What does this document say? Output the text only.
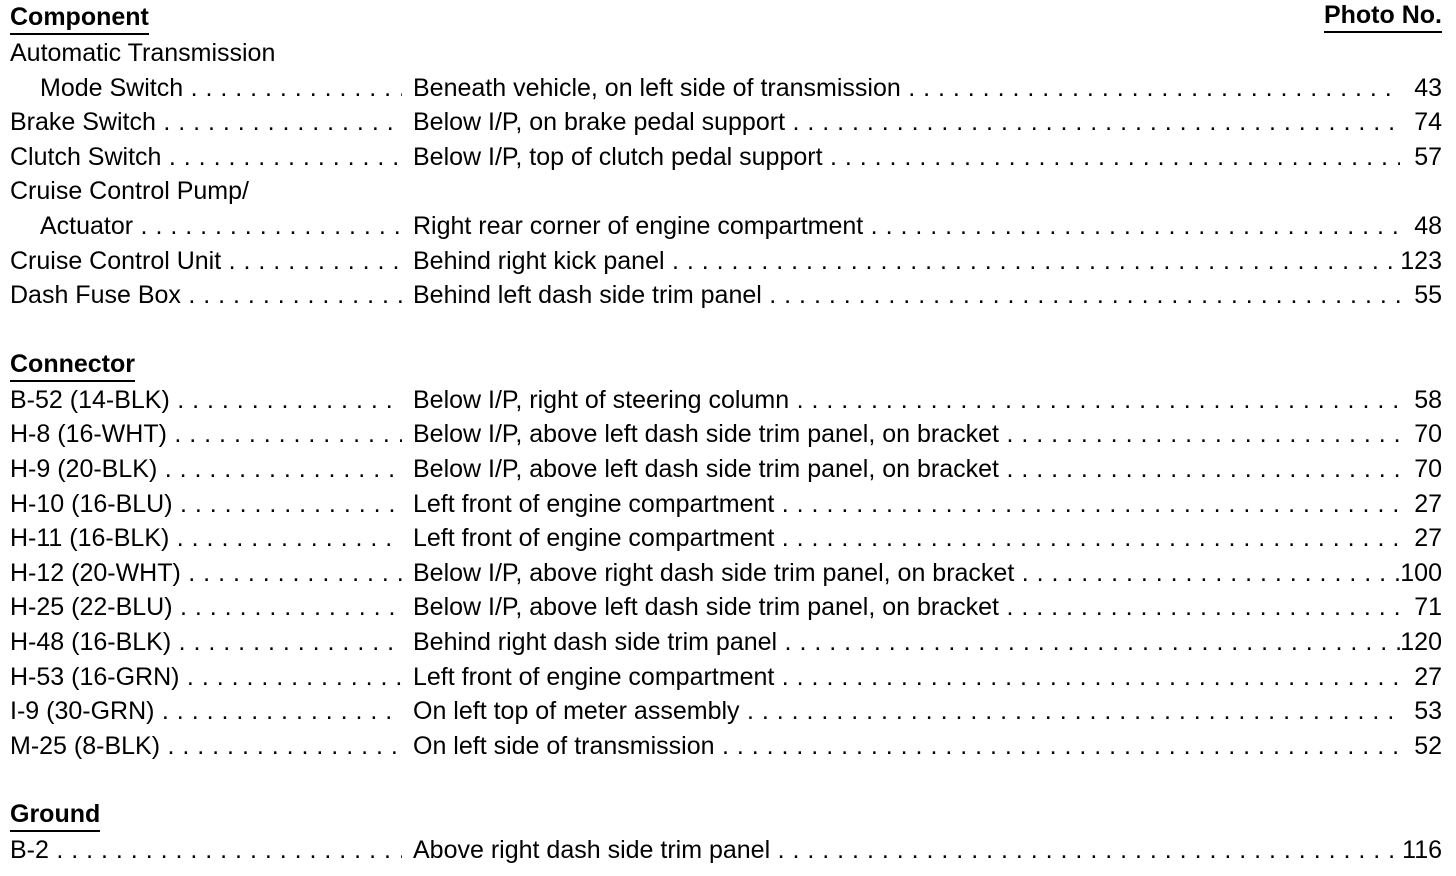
Component	Photo No.
Automatic Transmission
Mode Switch . . .	Beneath vehicle, on left side of transmission . . .	43
Brake Switch . . .	Below I/P, on brake pedal support . . .	74
Clutch Switch . . .	Below I/P, top of clutch pedal support . . .	57
Cruise Control Pump/
Actuator . . .	Right rear corner of engine compartment . . .	48
Cruise Control Unit . . .	Behind right kick panel . . .	123
Dash Fuse Box . . .	Behind left dash side trim panel . . .	55
Connector
B-52 (14-BLK) . . .	Below I/P, right of steering column . . .	58
H-8 (16-WHT) . . .	Below I/P, above left dash side trim panel, on bracket . . .	70
H-9 (20-BLK) . . .	Below I/P, above left dash side trim panel, on bracket . . .	70
H-10 (16-BLU) . . .	Left front of engine compartment . . .	27
H-11 (16-BLK) . . .	Left front of engine compartment . . .	27
H-12 (20-WHT) . . .	Below I/P, above right dash side trim panel, on bracket . . .	100
H-25 (22-BLU) . . .	Below I/P, above left dash side trim panel, on bracket . . .	71
H-48 (16-BLK) . . .	Behind right dash side trim panel . . .	120
H-53 (16-GRN) . . .	Left front of engine compartment . . .	27
I-9 (30-GRN) . . .	On left top of meter assembly . . .	53
M-25 (8-BLK) . . .	On left side of transmission . . .	52
Ground
B-2 . . .	Above right dash side trim panel . . .	116
